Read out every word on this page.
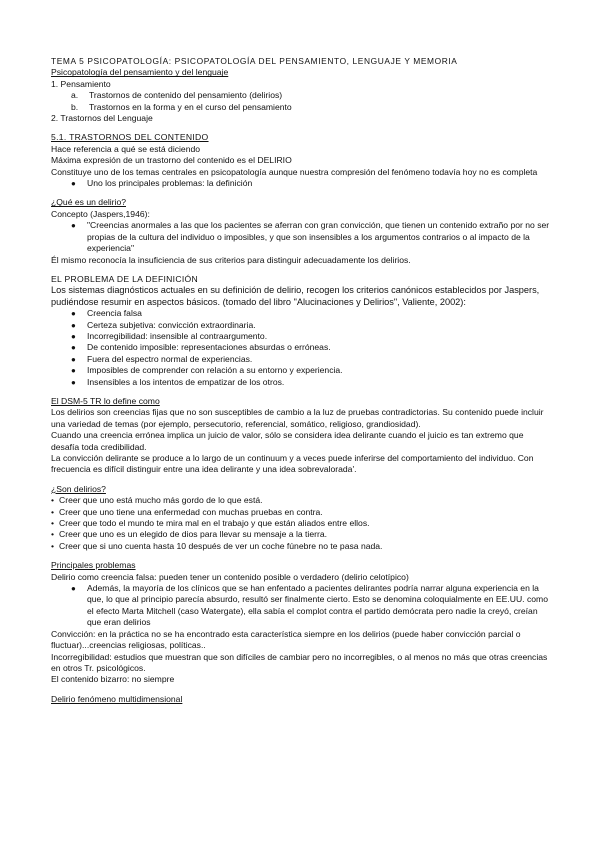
TEMA 5 PSICOPATOLOGÍA: PSICOPATOLOGÍA DEL PENSAMIENTO, LENGUAJE Y MEMORIA
Psicopatología del pensamiento y del lenguaje
1. Pensamiento
a.	Trastornos de contenido del pensamiento (delirios)
b.	Trastornos en la forma y en el curso del pensamiento
2. Trastornos del Lenguaje
5.1. TRASTORNOS DEL CONTENIDO
Hace referencia a qué se está diciendo
Máxima expresión de un trastorno del contenido es el DELIRIO
Constituye uno de los temas centrales en psicopatología aunque nuestra compresión del fenómeno todavía hoy no es completa
●	Uno los principales problemas: la definición
¿Qué es un delirio?
Concepto (Jaspers,1946):
●	"Creencias anormales a las que los pacientes se aferran con gran convicción, que tienen un contenido extraño por no ser propias de la cultura del individuo o imposibles, y que son insensibles a los argumentos contrarios o al impacto de la experiencia"
Él mismo reconocía la insuficiencia de sus criterios para distinguir adecuadamente los delirios.
EL PROBLEMA DE LA DEFINICIÓN
Los sistemas diagnósticos actuales en su definición de delirio, recogen los criterios canónicos establecidos por Jaspers, pudiéndose resumir en aspectos básicos. (tomado del libro "Alucinaciones y Delirios", Valiente, 2002):
●	Creencia falsa
●	Certeza subjetiva: convicción extraordinaria.
●	Incorregibilidad: insensible al contraargumento.
●	De contenido imposible: representaciones absurdas o erróneas.
●	Fuera del espectro normal de experiencias.
●	Imposibles de comprender con relación a su entorno y experiencia.
●	Insensibles a los intentos de empatizar de los otros.
El DSM-5 TR lo define como
Los delirios son creencias fijas que no son susceptibles de cambio a la luz de pruebas contradictorias. Su contenido puede incluir una variedad de temas (por ejemplo, persecutorio, referencial, somático, religioso, grandiosidad).
Cuando una creencia errónea implica un juicio de valor, sólo se considera idea delirante cuando el juicio es tan extremo que desafía toda credibilidad.
La convicción delirante se produce a lo largo de un continuum y a veces puede inferirse del comportamiento del individuo. Con frecuencia es difícil distinguir entre una idea delirante y una idea sobrevalorada'.
¿Son delirios?
• Creer que uno está mucho más gordo de lo que está.
• Creer que uno tiene una enfermedad con muchas pruebas en contra.
• Creer que todo el mundo te mira mal en el trabajo y que están aliados entre ellos.
• Creer que uno es un elegido de dios para llevar su mensaje a la tierra.
• Creer que si uno cuenta hasta 10 después de ver un coche fúnebre no te pasa nada.
Principales problemas
Delirio como creencia falsa: pueden tener un contenido posible o verdadero (delirio celotípico)
●	Además, la mayoría de los clínicos que se han enfentado a pacientes delirantes podría narrar alguna experiencia en la que, lo que al principio parecía absurdo, resultó ser finalmente cierto. Esto se denomina coloquialmente en EE.UU. como el efecto Marta Mitchell (caso Watergate), ella sabía el complot contra el partido demócrata pero nadie la creyó, creían que eran delirios
Convicción: en la práctica no se ha encontrado esta característica siempre en los delirios (puede haber convicción parcial o fluctuar)...creencias religiosas, políticas..
Incorregibilidad: estudios que muestran que son difíciles de cambiar pero no incorregibles, o al menos no más que otras creencias en otros Tr. psicológicos.
El contenido bizarro: no siempre
Delirio fenómeno multidimensional
